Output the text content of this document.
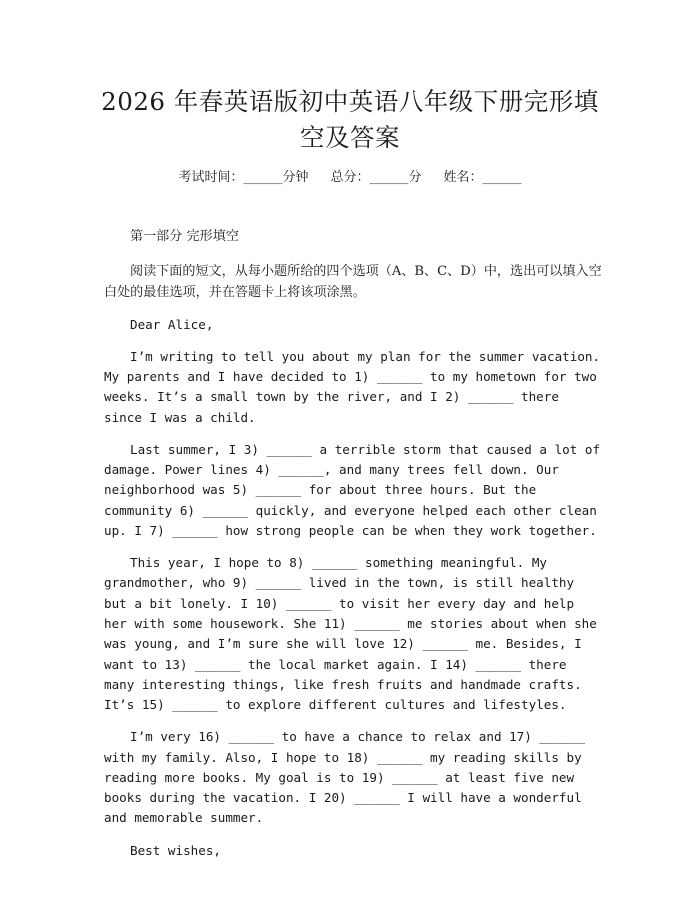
2026 年春英语版初中英语八年级下册完形填
空及答案
考试时间：______分钟 总分：______分 姓名：______

第一部分 完形填空

阅读下面的短文，从每小题所给的四个选项（A、B、C、D）中，选出可以填入空白处的最佳选项，并在答题卡上将该项涂黑。

Dear Alice,

I’m writing to tell you about my plan for the summer vacation. My parents and I have decided to 1) ______ to my hometown for two weeks. It’s a small town by the river, and I 2) ______ there since I was a child.

Last summer, I 3) ______ a terrible storm that caused a lot of damage. Power lines 4) ______, and many trees fell down. Our neighborhood was 5) ______ for about three hours. But the community 6) ______ quickly, and everyone helped each other clean up. I 7) ______ how strong people can be when they work together.

This year, I hope to 8) ______ something meaningful. My grandmother, who 9) ______ lived in the town, is still healthy but a bit lonely. I 10) ______ to visit her every day and help her with some housework. She 11) ______ me stories about when she was young, and I’m sure she will love 12) ______ me. Besides, I want to 13) ______ the local market again. I 14) ______ there many interesting things, like fresh fruits and handmade crafts. It’s 15) ______ to explore different cultures and lifestyles.

I’m very 16) ______ to have a chance to relax and 17) ______ with my family. Also, I hope to 18) ______ my reading skills by reading more books. My goal is to 19) ______ at least five new books during the vacation. I 20) ______ I will have a wonderful and memorable summer.

Best wishes,
